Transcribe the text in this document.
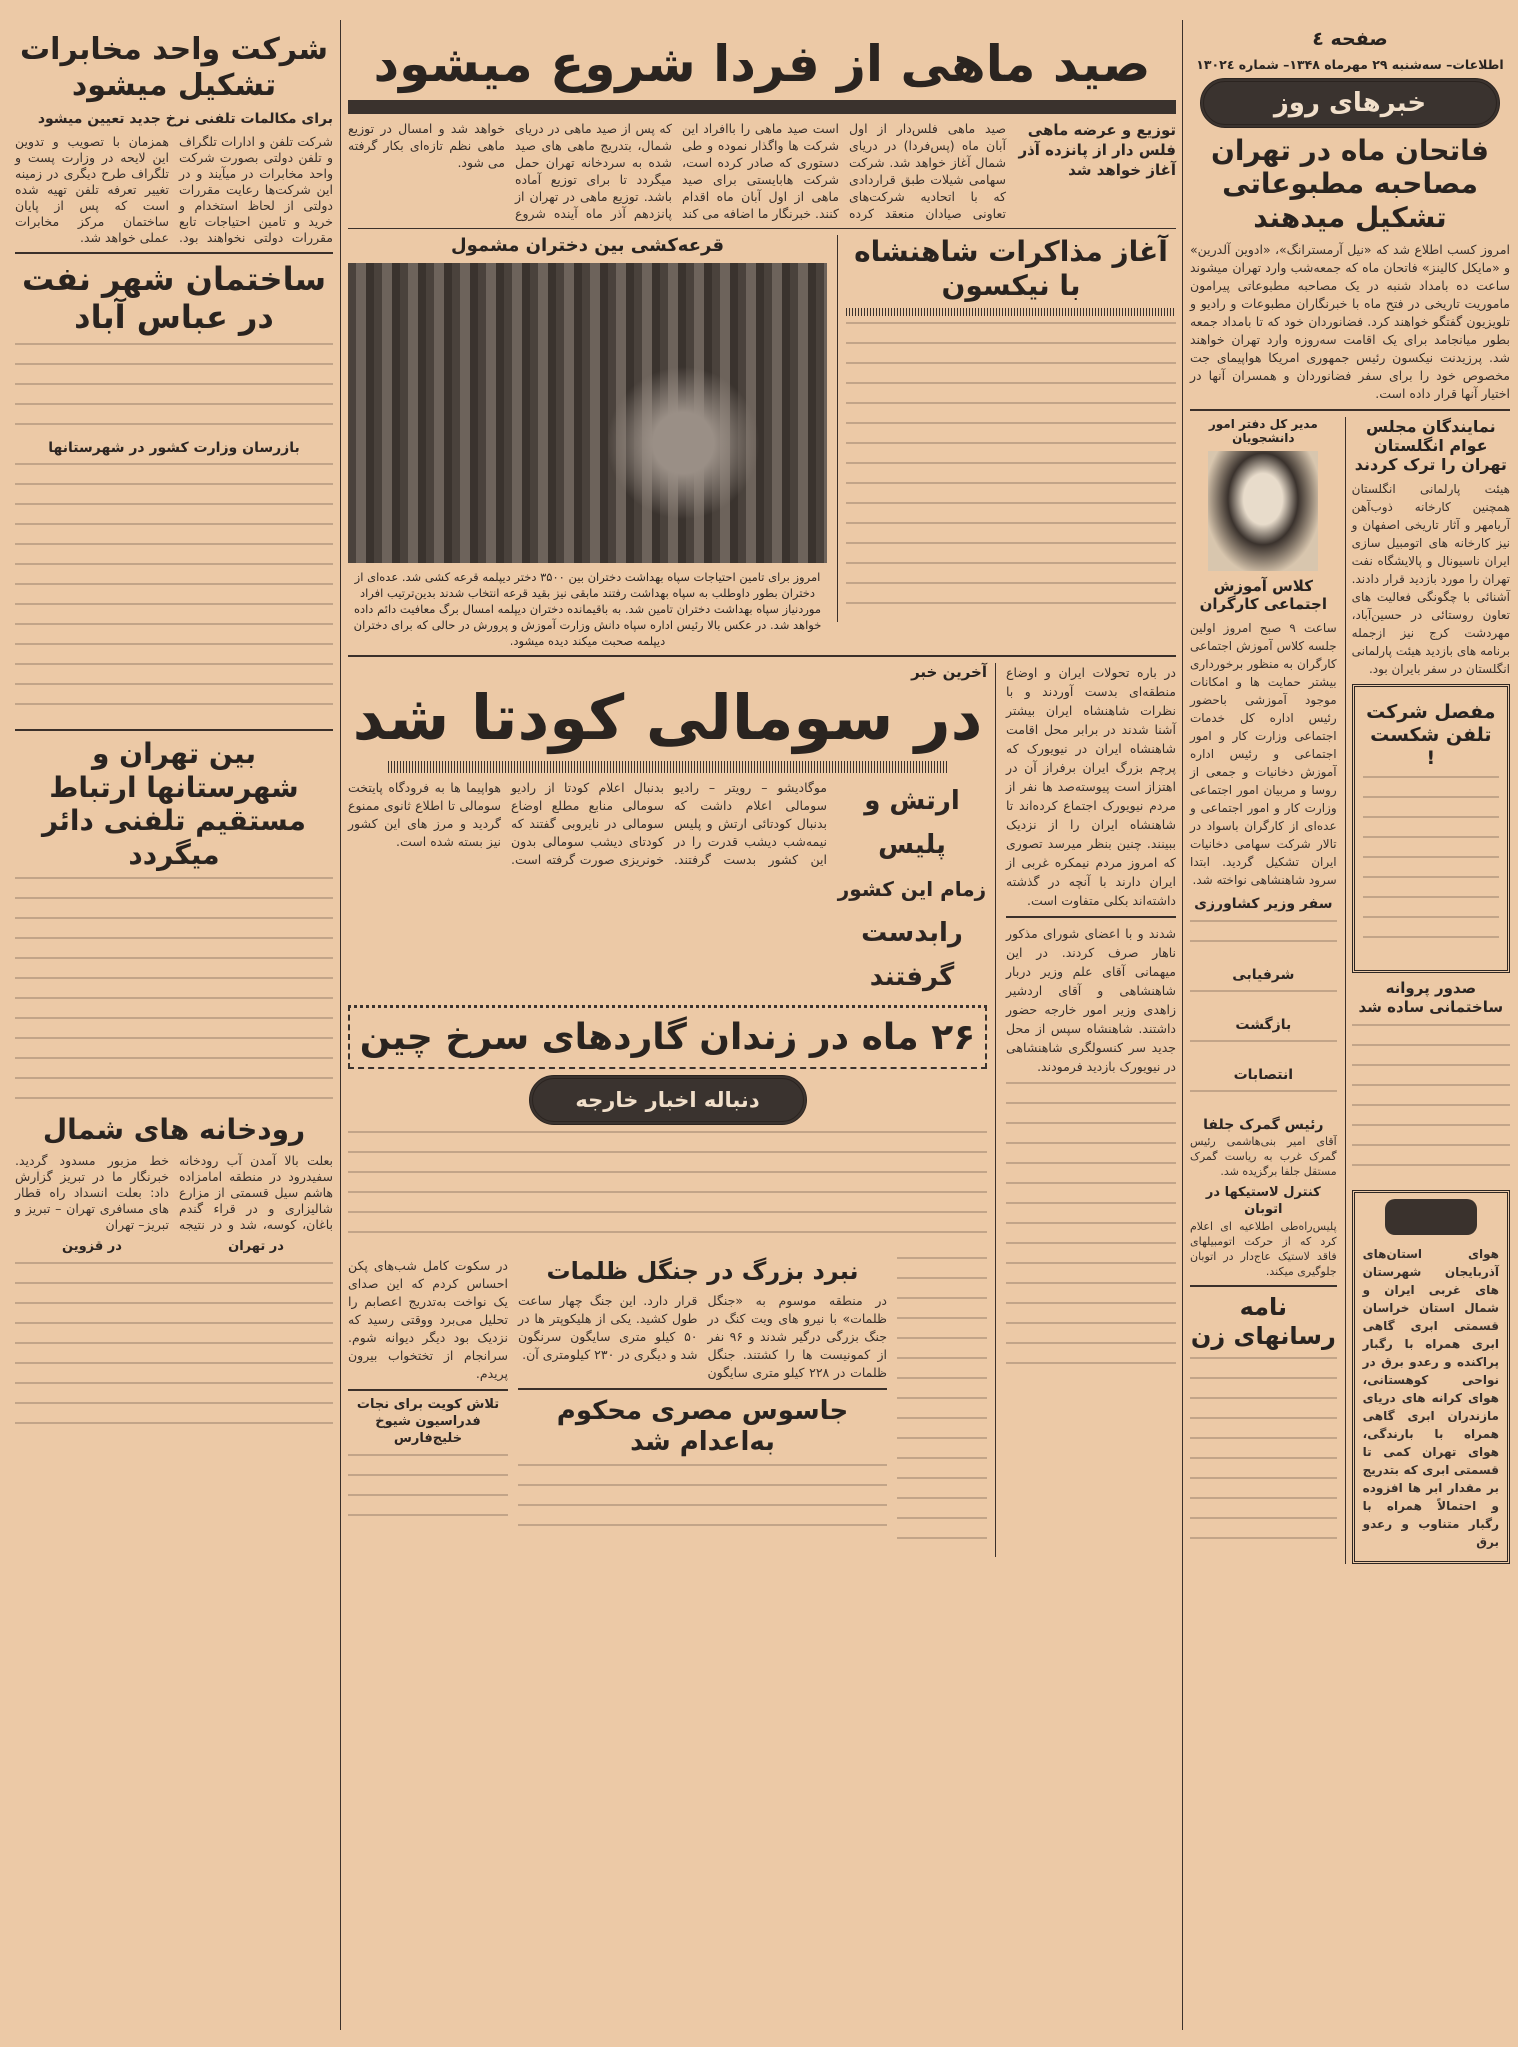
صفحه ٤
اطلاعات– سه‌شنبه ۲۹ مهرماه ۱۳۴۸– شماره ۱۳۰۲٤
خبرهای روز
فاتحان ماه در تهران مصاحبه مطبوعاتی تشکیل میدهند
امروز کسب اطلاع شد که «نیل آرمسترانگ»، «ادوین آلدرین» و «مایکل کالینز» فاتحان ماه که جمعه‌شب وارد تهران میشوند ساعت ده بامداد شنبه در یک مصاحبه مطبوعاتی پیرامون ماموریت تاریخی در فتح ماه با خبرنگاران مطبوعات و رادیو و تلویزیون گفتگو خواهند کرد. فضانوردان خود که تا بامداد جمعه بطور میانجامد برای یک اقامت سه‌روزه وارد تهران خواهند شد. پرزیدنت نیکسون رئیس جمهوری امریکا هواپیمای جت مخصوص خود را برای سفر فضانوردان و همسران آنها در اختیار آنها قرار داده است.
نمایندگان مجلس عوام انگلستان تهران را ترک کردند
هیئت پارلمانی انگلستان همچنین کارخانه ذوب‌آهن آریامهر و آثار تاریخی اصفهان و نیز کارخانه های اتومبیل سازی ایران ناسیونال و پالایشگاه نفت تهران را مورد بازدید قرار دادند. آشنائی با چگونگی فعالیت های تعاون روستائی در حسین‌آباد، مهردشت کرج نیز ازجمله برنامه های بازدید هیئت پارلمانی انگلستان در سفر بایران بود.
مفصل شرکت تلفن شکست !
صدور پروانه ساختمانی ساده شد
هوای استان‌های آذربایجان شهرستان های غربی ایران و شمال استان خراسان قسمتی ابری گاهی ابری همراه با رگبار پراکنده و رعدو برق در نواحی کوهستانی، هوای کرانه های دریای مازندران ابری گاهی همراه با بارندگی، هوای تهران کمی تا قسمتی ابری که بتدریج بر مقدار ابر ها افزوده و احتمالاً همراه با رگبار متناوب و رعدو برق
مدیر کل دفتر امور دانشجویان
کلاس آموزش اجتماعی کارگران
ساعت ۹ صبح امروز اولین جلسه کلاس آموزش اجتماعی کارگران به منظور برخورداری بیشتر حمایت ها و امکانات موجود آموزشی باحضور رئیس اداره کل خدمات اجتماعی وزارت کار و امور اجتماعی و رئیس اداره آموزش دخانیات و جمعی از روسا و مربیان امور اجتماعی وزارت کار و امور اجتماعی و عده‌ای از کارگران باسواد در تالار شرکت سهامی دخانیات ایران تشکیل گردید. ابتدا سرود شاهنشاهی نواخته شد.
سفر وزیر کشاورزی
شرفیابی
بازگشت
انتصابات
رئیس گمرک جلفا
آقای امیر بنی‌هاشمی رئیس گمرک غرب به ریاست گمرک مستقل جلفا برگزیده شد.
کنترل لاستیکها در اتوبان
پلیس‌راه‌طی اطلاعیه ای اعلام کرد که از حرکت اتومبیلهای فاقد لاستیک عاج‌دار در اتوبان جلوگیری میکند.
نامه رسانهای زن
صید ماهی از فردا شروع میشود
توزیع و عرضه ماهی فلس دار از پانزده آذر آغاز خواهد شد
صید ماهی فلس‌دار از اول آبان ماه (پس‌فردا) در دریای شمال آغاز خواهد شد. شرکت سهامی شیلات طبق قراردادی که با اتحادیه شرکت‌های تعاونی صیادان منعقد کرده است صید ماهی را باافراد این شرکت ها واگذار نموده و طی دستوری که صادر کرده است، شرکت هابایستی برای صید ماهی از اول آبان ماه اقدام کنند. خبرنگار ما اضافه می کند که پس از صید ماهی در دریای شمال، بتدریج ماهی های صید شده به سردخانه تهران حمل میگردد تا برای توزیع آماده باشد. توزیع ماهی در تهران از پانزدهم آذر ماه آینده شروع خواهد شد و امسال در توزیع ماهی نظم تازه‌ای بکار گرفته می شود.
آغاز مذاکرات شاهنشاه با نیکسون
قرعه‌کشی بین دختران مشمول
امروز برای تامین احتیاجات سپاه بهداشت دختران بین ۳۵۰۰ دختر دیپلمه قرعه کشی شد. عده‌ای از دختران بطور داوطلب به سپاه بهداشت رفتند مابقی نیز بقید قرعه انتخاب شدند بدین‌ترتیب افراد موردنیاز سپاه بهداشت دختران تامین شد. به باقیمانده دختران دیپلمه امسال برگ معافیت دائم داده خواهد شد. در عکس بالا رئیس اداره سپاه دانش وزارت آموزش و پرورش در حالی که برای دختران دیپلمه صحبت میکند دیده میشود.
در باره تحولات ایران و اوضاع منطقه‌ای بدست آوردند و با نظرات شاهنشاه ایران بیشتر آشنا شدند در برابر محل اقامت شاهنشاه ایران در نیویورک که پرچم بزرگ ایران برفراز آن در اهتزاز است پیوسته‌صد ها نفر از مردم نیویورک اجتماع کرده‌اند تا شاهنشاه ایران را از نزدیک ببینند. چنین بنظر میرسد تصوری که امروز مردم نیمکره غربی از ایران دارند با آنچه در گذشته داشته‌اند بکلی متفاوت است.
شدند و با اعضای شورای مذکور ناهار صرف کردند. در این میهمانی آقای علم وزیر دربار شاهنشاهی و آقای اردشیر زاهدی وزیر امور خارجه حضور داشتند. شاهنشاه سپس از محل جدید سر کنسولگری شاهنشاهی در نیویورک بازدید فرمودند.
آخرین خبر
در سومالی کودتا شد
ارتش و پلیس
زمام این کشور
رابدست
گرفتند
موگادیشو – رویتر – رادیو سومالی اعلام داشت که بدنبال کودتائی ارتش و پلیس نیمه‌شب دیشب قدرت را در این کشور بدست گرفتند. بدنبال اعلام کودتا از رادیو سومالی منابع مطلع اوضاع سومالی در نایروبی گفتند که کودتای دیشب سومالی بدون خونریزی صورت گرفته است. هواپیما ها به فرودگاه پایتخت سومالی تا اطلاع ثانوی ممنوع گردید و مرز های این کشور نیز بسته شده است.
۲۶ ماه در زندان گاردهای سرخ چین
دنباله اخبار خارجه
نبرد بزرگ در جنگل ظلمات
در منطقه موسوم به «جنگل ظلمات» با نیرو های ویت کنگ در جنگ بزرگی درگیر شدند و ۹۶ نفر از کمونیست ها را کشتند. جنگل ظلمات در ۲۲۸ کیلو متری سایگون قرار دارد. این جنگ چهار ساعت طول کشید. یکی از هلیکوپتر ها در ۵۰ کیلو متری سایگون سرنگون شد و دیگری در ۲۳۰ کیلومتری آن.
جاسوس مصری محکوم به‌اعدام شد
در سکوت کامل شب‌های پکن احساس کردم که این صدای یک نواخت به‌تدریج اعصابم را تحلیل می‌برد ووقتی رسید که نزدیک بود دیگر دیوانه شوم. سرانجام از تختخواب بیرون پریدم.
تلاش کویت برای نجات فدراسیون شیوخ خلیج‌فارس
شرکت واحد مخابرات تشکیل میشود
برای مکالمات تلفنی نرخ جدید تعیین میشود
شرکت تلفن و ادارات تلگراف و تلفن دولتی بصورت شرکت واحد مخابرات در میآیند و در این شرکت‌ها رعایت مقررات دولتی از لحاظ استخدام و خرید و تامین احتیاجات تابع مقررات دولتی نخواهند بود. همزمان با تصویب و تدوین این لایحه در وزارت پست و تلگراف طرح دیگری در زمینه تغییر تعرفه تلفن تهیه شده است که پس از پایان ساختمان مرکز مخابرات عملی خواهد شد.
ساختمان شهر نفت در عباس آباد
بازرسان وزارت کشور در شهرستانها
بین تهران و شهرستانها ارتباط مستقیم تلفنی دائر میگردد
رودخانه های شمال
بعلت بالا آمدن آب رودخانه سفیدرود در منطقه امامزاده هاشم سیل قسمتی از مزارع شالیزاری و در قراء گندم باغان، کوسه، شد و در نتیجه خط مزبور مسدود گردید. خبرنگار ما در تبریز گزارش داد: بعلت انسداد راه قطار های مسافری تهران – تبریز و تبریز– تهران
در تهران
در قزوین
